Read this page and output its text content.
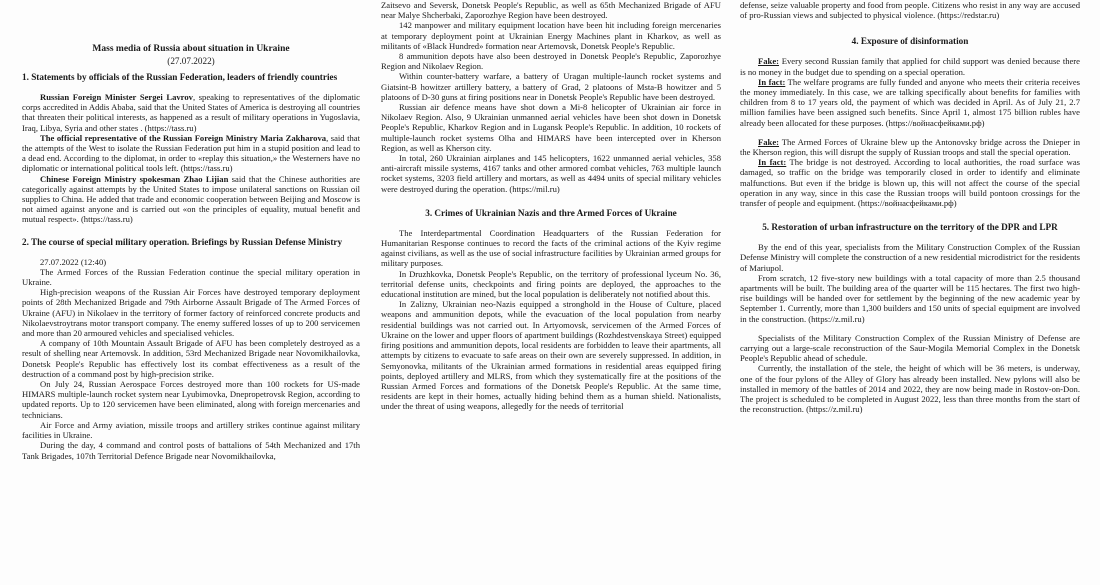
Mass media of Russia about situation in Ukraine
(27.07.2022)
1. Statements by officials of the Russian Federation, leaders of friendly countries

Russian Foreign Minister Sergei Lavrov, speaking to representatives of the diplomatic corps accredited in Addis Ababa, said that the United States of America is destroying all countries that threaten their political interests, as happened as a result of military operations in Yugoslavia, Iraq, Libya, Syria and other states . (https://tass.ru)

The official representative of the Russian Foreign Ministry Maria Zakharova, said that the attempts of the West to isolate the Russian Federation put him in a stupid position and lead to a dead end. According to the diplomat, in order to «replay this situation,» the Westerners have no diplomatic or international political tools left. (https://tass.ru)

Chinese Foreign Ministry spokesman Zhao Lijian said that the Chinese authorities are categorically against attempts by the United States to impose unilateral sanctions on Russian oil supplies to China. He added that trade and economic cooperation between Beijing and Moscow is not aimed against anyone and is carried out «on the principles of equality, mutual benefit and mutual respect». (https://tass.ru)

2. The course of special military operation. Briefings by Russian Defense Ministry

27.07.2022 (12:40)

The Armed Forces of the Russian Federation continue the special military operation in Ukraine.

High-precision weapons of the Russian Air Forces have destroyed temporary deployment points of 28th Mechanized Brigade and 79th Airborne Assault Brigade of The Armed Forces of Ukraine (AFU) in Nikolaev in the territory of former factory of reinforced concrete products and Nikolaevstroytrans motor transport company. The enemy suffered losses of up to 200 servicemen and more than 20 armoured vehicles and specialised vehicles.

A company of 10th Mountain Assault Brigade of AFU has been completely destroyed as a result of shelling near Artemovsk. In addition, 53rd Mechanized Brigade near Novomikhailovka, Donetsk People's Republic has effectively lost its combat effectiveness as a result of the destruction of a command post by high-precision strike.

On July 24, Russian Aerospace Forces destroyed more than 100 rockets for US-made HIMARS multiple-launch rocket system near Lyubimovka, Dnepropetrovsk Region, according to updated reports. Up to 120 servicemen have been eliminated, along with foreign mercenaries and technicians.

Air Force and Army aviation, missile troops and artillery strikes continue against military facilities in Ukraine.

During the day, 4 command and control posts of battalions of 54th Mechanized and 17th Tank Brigades, 107th Territorial Defence Brigade near Novomikhailovka,

Zaitsevo and Seversk, Donetsk People's Republic, as well as 65th Mechanized Brigade of AFU near Malye Shcherbaki, Zaporozhye Region have been destroyed.

142 manpower and military equipment location have been hit including foreign mercenaries at temporary deployment point at Ukrainian Energy Machines plant in Kharkov, as well as militants of «Black Hundred» formation near Artemovsk, Donetsk People's Republic.

8 ammunition depots have also been destroyed in Donetsk People's Republic, Zaporozhye Region and Nikolaev Region.

Within counter-battery warfare, a battery of Uragan multiple-launch rocket systems and Giatsint-B howitzer artillery battery, a battery of Grad, 2 platoons of Msta-B howitzer and 5 platoons of D-30 guns at firing positions near in Donetsk People's Republic have been destroyed.

Russian air defence means have shot down a Mi-8 helicopter of Ukrainian air force in Nikolaev Region. Also, 9 Ukrainian unmanned aerial vehicles have been shot down in Donetsk People's Republic, Kharkov Region and in Lugansk People's Republic. In addition, 10 rockets of multiple-launch rocket systems Olha and HIMARS have been intercepted over in Kherson Region, as well as Kherson city.

In total, 260 Ukrainian airplanes and 145 helicopters, 1622 unmanned aerial vehicles, 358 anti-aircraft missile systems, 4167 tanks and other armored combat vehicles, 763 multiple launch rocket systems, 3203 field artillery and mortars, as well as 4494 units of special military vehicles were destroyed during the operation. (https://mil.ru)

3. Crimes of Ukrainian Nazis and thre Armed Forces of Ukraine

The Interdepartmental Coordination Headquarters of the Russian Federation for Humanitarian Response continues to record the facts of the criminal actions of the Kyiv regime against civilians, as well as the use of social infrastructure facilities by Ukrainian armed groups for military purposes.

In Druzhkovka, Donetsk People's Republic, on the territory of professional lyceum No. 36, territorial defense units, checkpoints and firing points are deployed, the approaches to the educational institution are mined, but the local population is deliberately not notified about this.

In Zalizny, Ukrainian neo-Nazis equipped a stronghold in the House of Culture, placed weapons and ammunition depots, while the evacuation of the local population from nearby residential buildings was not carried out. In Artyomovsk, servicemen of the Armed Forces of Ukraine on the lower and upper floors of apartment buildings (Rozhdestvenskaya Street) equipped firing positions and ammunition depots, local residents are forbidden to leave their apartments, all attempts by citizens to evacuate to safe areas on their own are severely suppressed. In addition, in Semyonovka, militants of the Ukrainian armed formations in residential areas equipped firing points, deployed artillery and MLRS, from which they systematically fire at the positions of the Russian Armed Forces and formations of the Donetsk People's Republic. At the same time, residents are kept in their homes, actually hiding behind them as a human shield. Nationalists, under the threat of using weapons, allegedly for the needs of territorial

defense, seize valuable property and food from people. Citizens who resist in any way are accused of pro-Russian views and subjected to physical violence. (https://redstar.ru)

4. Exposure of disinformation

Fake: Every second Russian family that applied for child support was denied because there is no money in the budget due to spending on a special operation.

In fact: The welfare programs are fully funded and anyone who meets their criteria receives the money immediately. In this case, we are talking specifically about benefits for families with children from 8 to 17 years old, the payment of which was decided in April. As of July 21, 2.7 million families have been assigned such benefits. Since April 1, almost 175 billion rubles have already been allocated for these purposes. (https://войнасфейками.рф)

Fake: The Armed Forces of Ukraine blew up the Antonovsky bridge across the Dnieper in the Kherson region, this will disrupt the supply of Russian troops and stall the special operation.

In fact: The bridge is not destroyed. According to local authorities, the road surface was damaged, so traffic on the bridge was temporarily closed in order to identify and eliminate malfunctions. But even if the bridge is blown up, this will not affect the course of the special operation in any way, since in this case the Russian troops will build pontoon crossings for the transfer of people and equipment. (https://войнасфейками.рф)

5. Restoration of urban infrastructure on the territory of the DPR and LPR

By the end of this year, specialists from the Military Construction Complex of the Russian Defense Ministry will complete the construction of a new residential microdistrict for the residents of Mariupol.

From scratch, 12 five-story new buildings with a total capacity of more than 2.5 thousand apartments will be built. The building area of the quarter will be 115 hectares. The first two high-rise buildings will be handed over for settlement by the beginning of the new academic year by September 1. Currently, more than 1,300 builders and 150 units of special equipment are involved in the construction. (https://z.mil.ru)

Specialists of the Military Construction Complex of the Russian Ministry of Defense are carrying out a large-scale reconstruction of the Saur-Mogila Memorial Complex in the Donetsk People's Republic ahead of schedule.

Currently, the installation of the stele, the height of which will be 36 meters, is underway, one of the four pylons of the Alley of Glory has already been installed. New pylons will also be installed in memory of the battles of 2014 and 2022, they are now being made in Rostov-on-Don. The project is scheduled to be completed in August 2022, less than three months from the start of the reconstruction. (https://z.mil.ru)
